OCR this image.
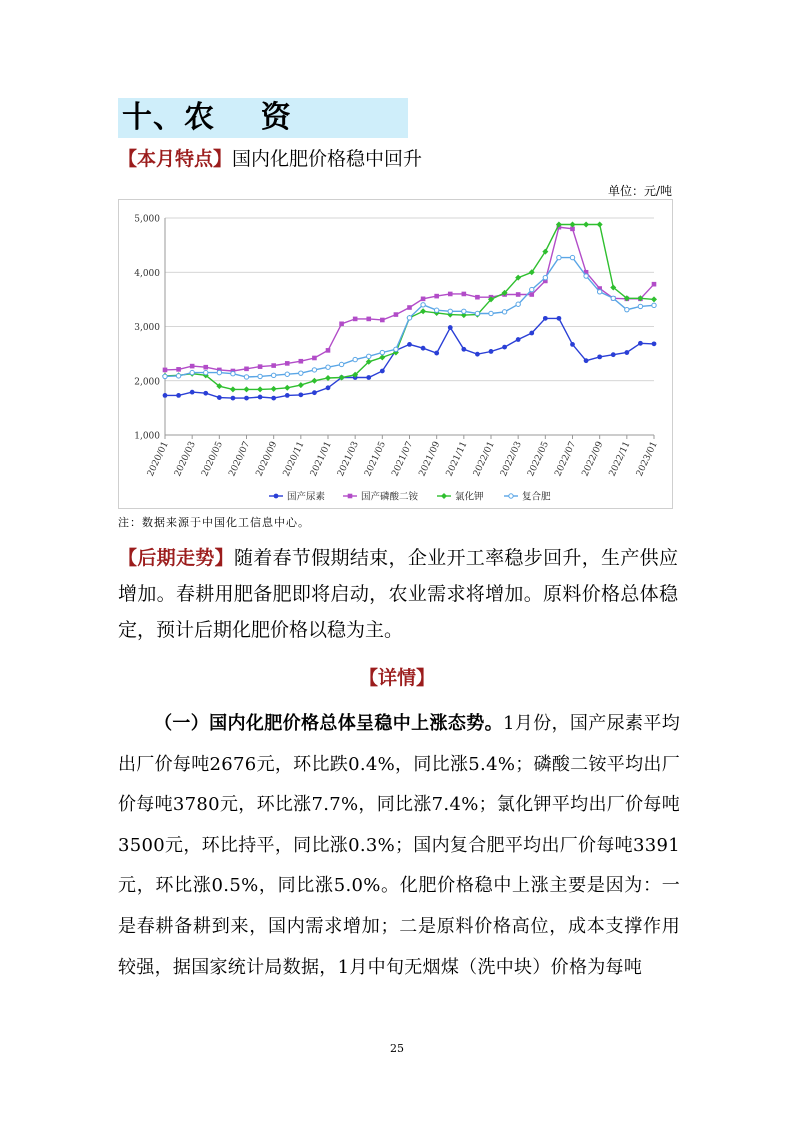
十、农    资
【本月特点】国内化肥价格稳中回升
单位：元/吨
1,000
2,000
3,000
4,000
5,000
2020/01 2020/03 2020/05 2020/07 2020/09 2020/11 2021/01 2021/03 2021/05 2021/07 2021/09 2021/11 2022/01 2022/03 2022/05 2022/07 2022/09 2022/11 2023/01
国产尿素	国产磷酸二铵	氯化钾	复合肥
注：数据来源于中国化工信息中心。
【后期走势】随着春节假期结束，企业开工率稳步回升，生产供应增加。春耕用肥备肥即将启动，农业需求将增加。原料价格总体稳定，预计后期化肥价格以稳为主。
【详情】
（一）国内化肥价格总体呈稳中上涨态势。1月份，国产尿素平均出厂价每吨2676元，环比跌0.4%，同比涨5.4%；磷酸二铵平均出厂价每吨3780元，环比涨7.7%，同比涨7.4%；氯化钾平均出厂价每吨3500元，环比持平，同比涨0.3%；国内复合肥平均出厂价每吨3391元，环比涨0.5%，同比涨5.0%。化肥价格稳中上涨主要是因为：一是春耕备耕到来，国内需求增加；二是原料价格高位，成本支撑作用较强，据国家统计局数据，1月中旬无烟煤（洗中块）价格为每吨
25
